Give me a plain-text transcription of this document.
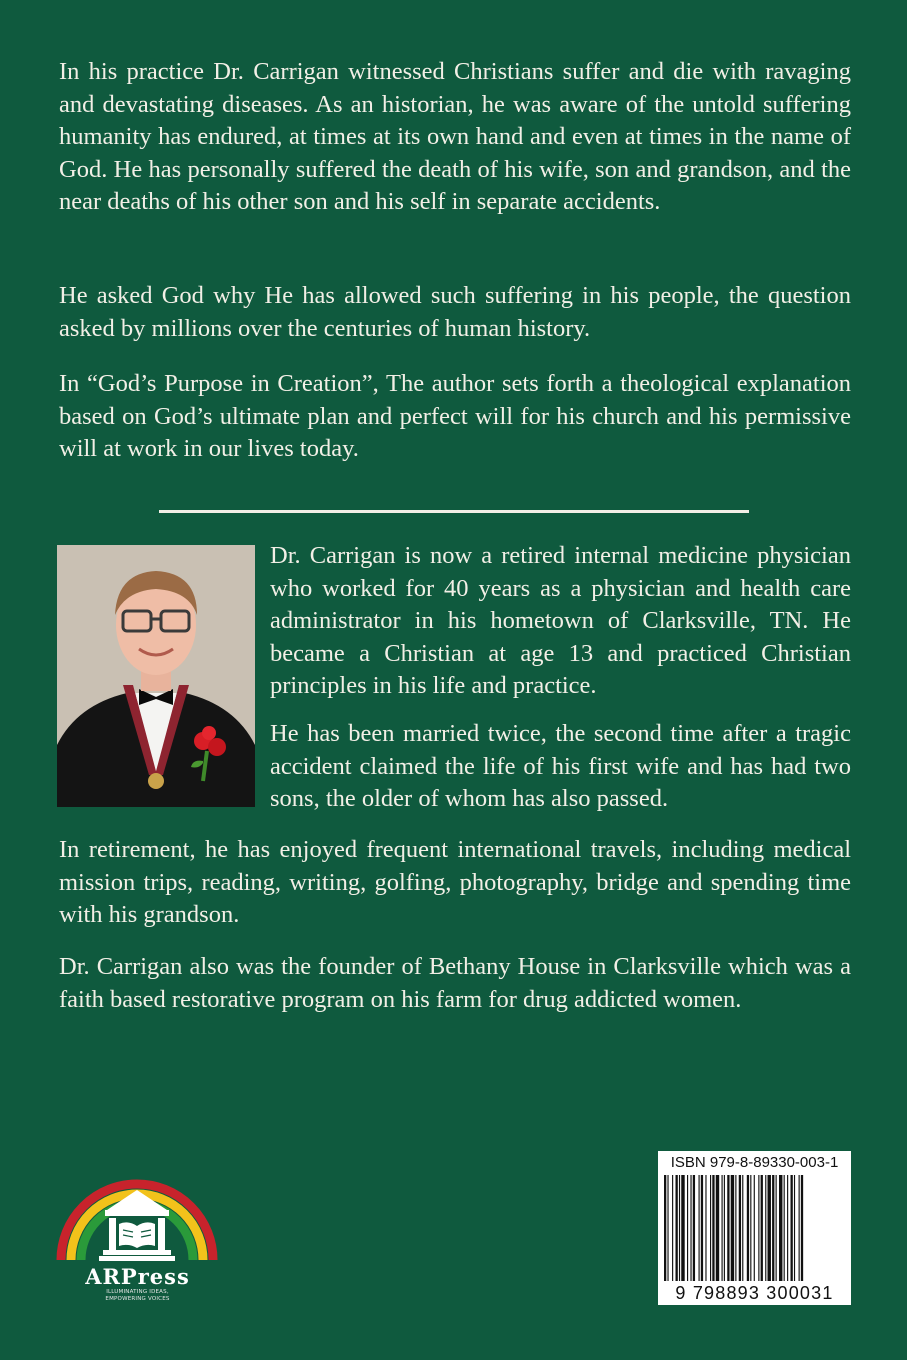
In his practice Dr. Carrigan witnessed Christians suffer and die with ravaging and devastating diseases. As an historian, he was aware of the untold suffering humanity has endured, at times at its own hand and even at times in the name of God. He has personally suffered the death of his wife, son and grandson, and the near deaths of his other son and his self in separate accidents.

He asked God why He has allowed such suffering in his people, the question asked by millions over the centuries of human history.

In “God’s Purpose in Creation”, The author sets forth a theological explanation based on God’s ultimate plan and perfect will for his church and his permissive will at work in our lives today.

Dr. Carrigan is now a retired internal medicine physician who worked for 40 years as a physician and health care administrator in his hometown of Clarksville, TN. He became a Christian at age 13 and practiced Christian principles in his life and practice.

He has been married twice, the second time after a tragic accident claimed the life of his first wife and has had two sons, the older of whom has also passed.

In retirement, he has enjoyed frequent international travels, including medical mission trips, reading, writing, golfing, photography, bridge and spending time with his grandson.

Dr. Carrigan also was the founder of Bethany House in Clarksville which was a faith based restorative program on his farm for drug addicted women.

ARPress
ILLUMINATING IDEAS,
EMPOWERING VOICES
ISBN 979-8-89330-003-1
9 798893 300031
